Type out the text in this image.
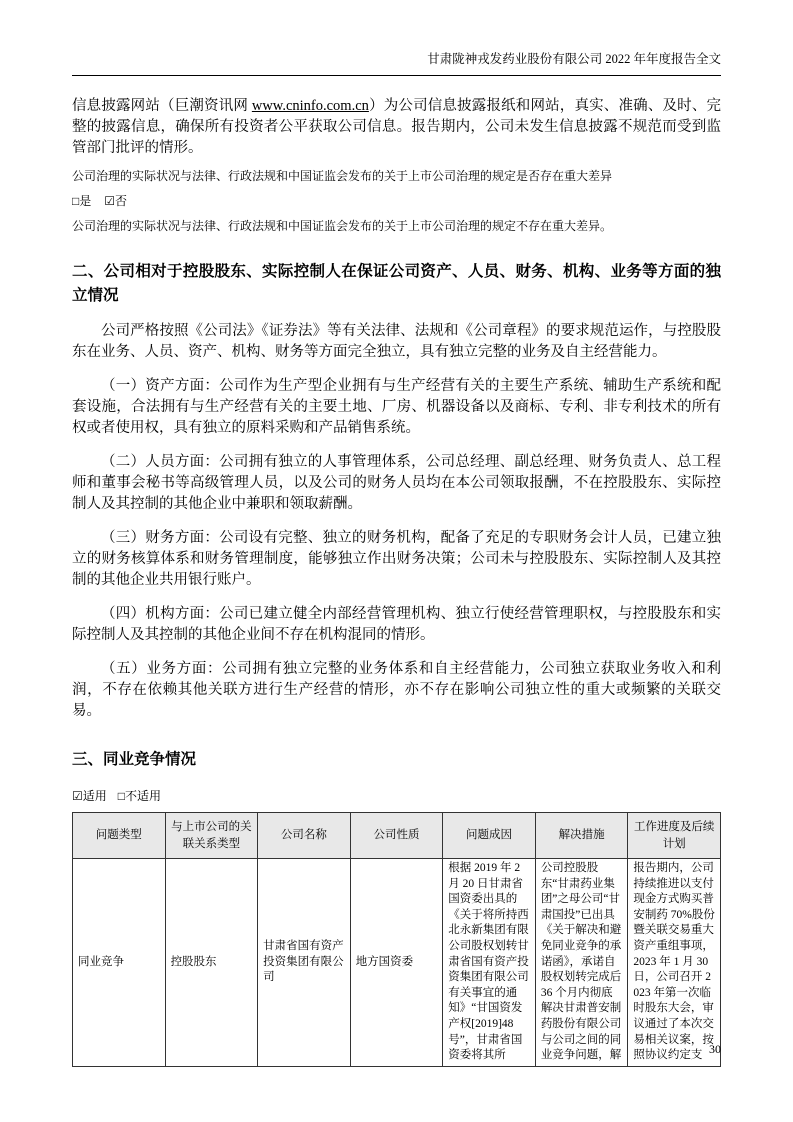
甘肃陇神戎发药业股份有限公司 2022 年年度报告全文
信息披露网站（巨潮资讯网 www.cninfo.com.cn）为公司信息披露报纸和网站，真实、准确、及时、完整的披露信息，确保所有投资者公平获取公司信息。报告期内，公司未发生信息披露不规范而受到监管部门批评的情形。
公司治理的实际状况与法律、行政法规和中国证监会发布的关于上市公司治理的规定是否存在重大差异
□是 ☑否
公司治理的实际状况与法律、行政法规和中国证监会发布的关于上市公司治理的规定不存在重大差异。
二、公司相对于控股股东、实际控制人在保证公司资产、人员、财务、机构、业务等方面的独立情况

公司严格按照《公司法》《证券法》等有关法律、法规和《公司章程》的要求规范运作，与控股股东在业务、人员、资产、机构、财务等方面完全独立，具有独立完整的业务及自主经营能力。

（一）资产方面：公司作为生产型企业拥有与生产经营有关的主要生产系统、辅助生产系统和配套设施，合法拥有与生产经营有关的主要土地、厂房、机器设备以及商标、专利、非专利技术的所有权或者使用权，具有独立的原料采购和产品销售系统。

（二）人员方面：公司拥有独立的人事管理体系，公司总经理、副总经理、财务负责人、总工程师和董事会秘书等高级管理人员，以及公司的财务人员均在本公司领取报酬，不在控股股东、实际控制人及其控制的其他企业中兼职和领取薪酬。

（三）财务方面：公司设有完整、独立的财务机构，配备了充足的专职财务会计人员，已建立独立的财务核算体系和财务管理制度，能够独立作出财务决策；公司未与控股股东、实际控制人及其控制的其他企业共用银行账户。

（四）机构方面：公司已建立健全内部经营管理机构、独立行使经营管理职权，与控股股东和实际控制人及其控制的其他企业间不存在机构混同的情形。

（五）业务方面：公司拥有独立完整的业务体系和自主经营能力，公司独立获取业务收入和利润，不存在依赖其他关联方进行生产经营的情形，亦不存在影响公司独立性的重大或频繁的关联交易。

三、同业竞争情况
☑适用 □不适用
问题类型	与上市公司的关联关系类型	公司名称	公司性质	问题成因	解决措施	工作进度及后续计划
同业竞争	控股股东	甘肃省国有资产投资集团有限公司	地方国资委	根据 2019 年 2 月 20 日甘肃省国资委出具的《关于将所持西北永新集团有限公司股权划转甘肃省国有资产投资集团有限公司有关事宜的通知》“甘国资发产权[2019]48 号”，甘肃省国资委将其所	公司控股股东“甘肃药业集团”之母公司“甘肃国投”已出具《关于解决和避免同业竞争的承诺函》，承诺自股权划转完成后 36 个月内彻底解决甘肃普安制药股份有限公司与公司之间的同业竞争问题，解	报告期内，公司持续推进以支付现金方式购买普安制药 70%股份暨关联交易重大资产重组事项，2023 年 1 月 30 日，公司召开 2023 年第一次临时股东大会，审议通过了本次交易相关议案，按照协议约定支 30
